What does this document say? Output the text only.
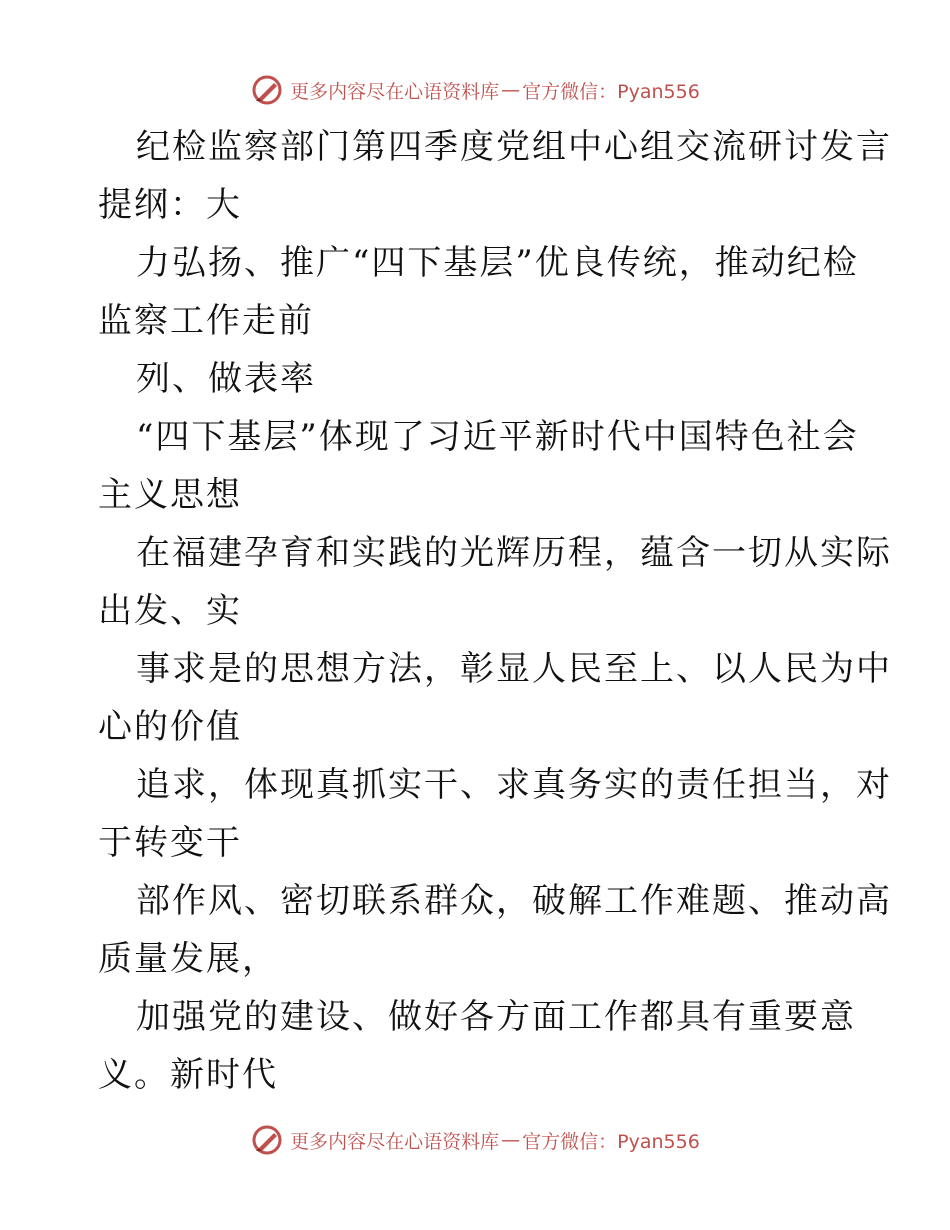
更多内容尽在心语资料库 — 官方微信：Pyan556

纪检监察部门第四季度党组中心组交流研讨发言

提纲：大

力弘扬、推广“四下基层”优良传统，推动纪检

监察工作走前

列、做表率

“四下基层”体现了习近平新时代中国特色社会

主义思想

在福建孕育和实践的光辉历程，蕴含一切从实际

出发、实

事求是的思想方法，彰显人民至上、以人民为中

心的价值

追求，体现真抓实干、求真务实的责任担当，对

于转变干

部作风、密切联系群众，破解工作难题、推动高

质量发展，

加强党的建设、做好各方面工作都具有重要意

义。新时代

更多内容尽在心语资料库 — 官方微信：Pyan556
